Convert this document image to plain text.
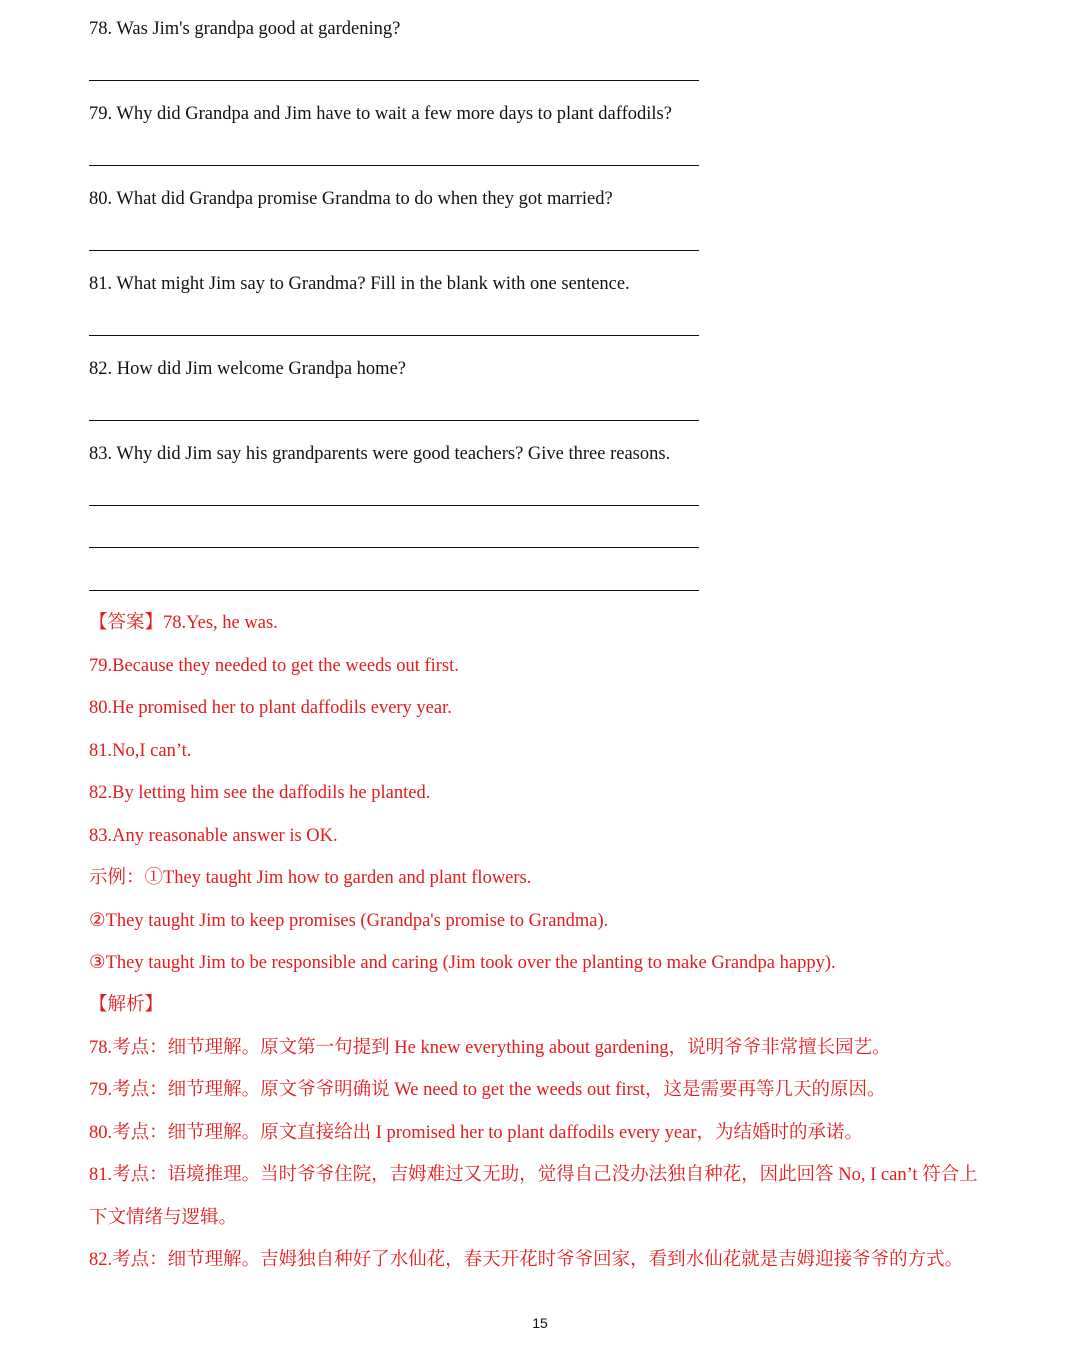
78. Was Jim's grandpa good at gardening?

79. Why did Grandpa and Jim have to wait a few more days to plant daffodils?

80. What did Grandpa promise Grandma to do when they got married?

81. What might Jim say to Grandma? Fill in the blank with one sentence.

82. How did Jim welcome Grandpa home?

83. Why did Jim say his grandparents were good teachers? Give three reasons.

【答案】78.Yes, he was.

79.Because they needed to get the weeds out first.

80.He promised her to plant daffodils every year.

81.No,I can’t.

82.By letting him see the daffodils he planted.

83.Any reasonable answer is OK.

示例：①They taught Jim how to garden and plant flowers.

②They taught Jim to keep promises (Grandpa's promise to Grandma).

③They taught Jim to be responsible and caring (Jim took over the planting to make Grandpa happy).

【解析】

78.考点：细节理解。原文第一句提到 He knew everything about gardening，说明爷爷非常擅长园艺。

79.考点：细节理解。原文爷爷明确说 We need to get the weeds out first，这是需要再等几天的原因。

80.考点：细节理解。原文直接给出 I promised her to plant daffodils every year，为结婚时的承诺。

81.考点：语境推理。当时爷爷住院，吉姆难过又无助，觉得自己没办法独自种花，因此回答 No, I can’t 符合上

下文情绪与逻辑。

82.考点：细节理解。吉姆独自种好了水仙花，春天开花时爷爷回家，看到水仙花就是吉姆迎接爷爷的方式。

15
